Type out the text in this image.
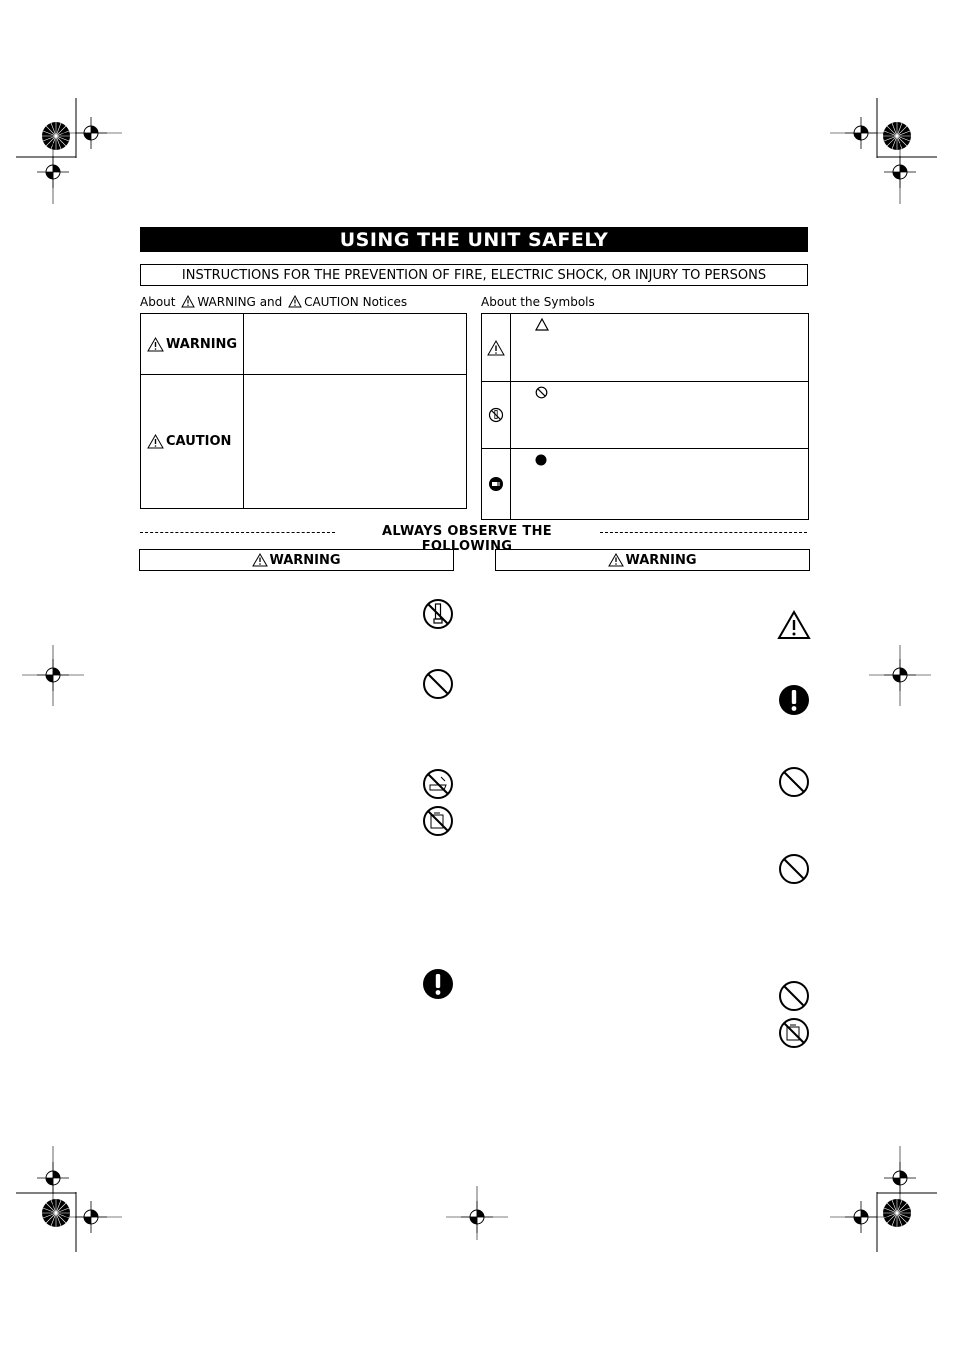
USING THE UNIT SAFELY
INSTRUCTIONS FOR THE PREVENTION OF FIRE, ELECTRIC SHOCK, OR INJURY TO PERSONS
About WARNING and CAUTION Notices	About the Symbols
WARNING
CAUTION
ALWAYS OBSERVE THE FOLLOWING
WARNING	WARNING
